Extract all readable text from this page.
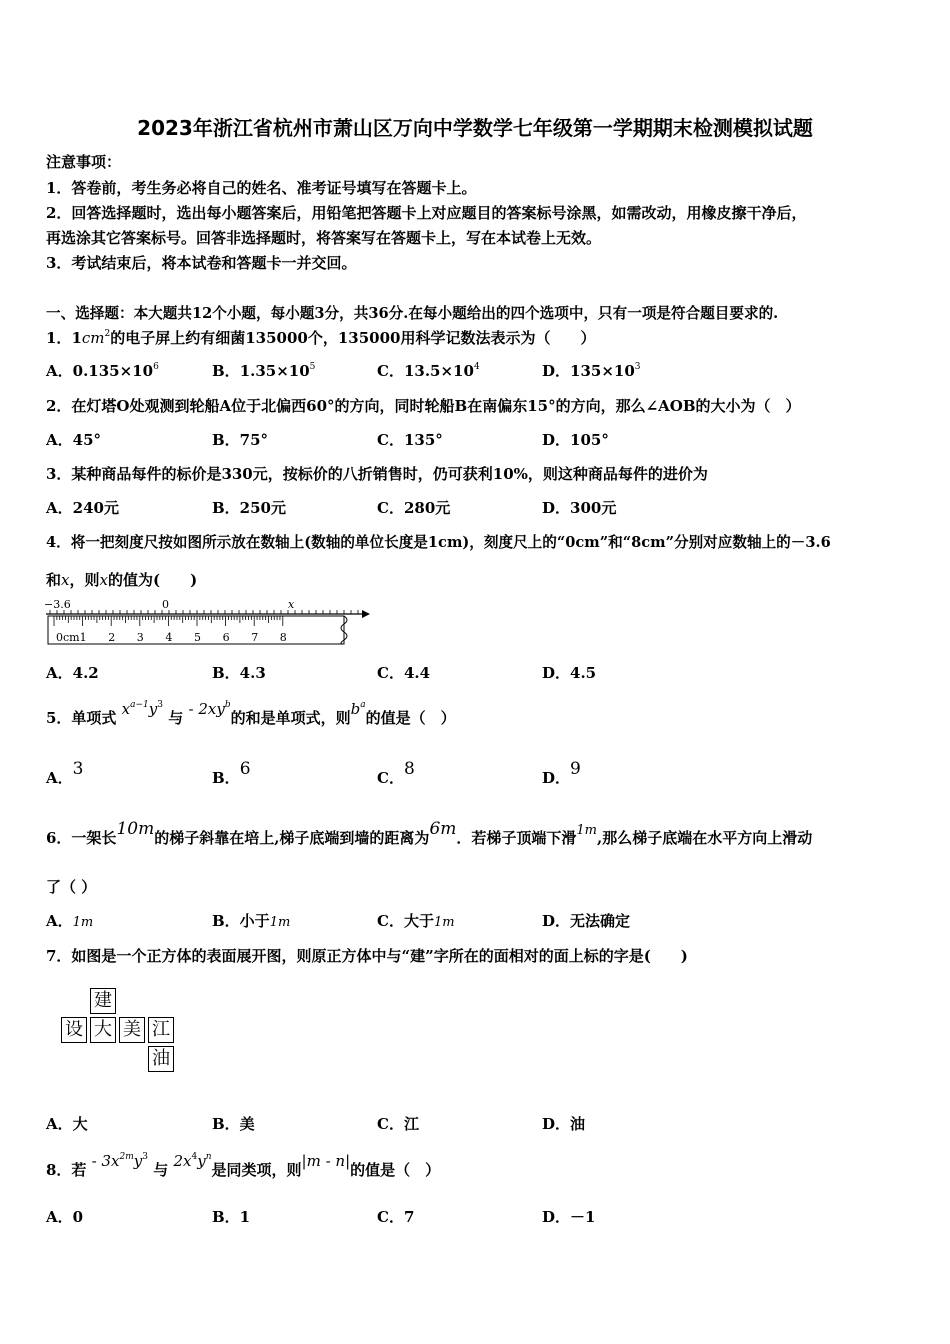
2023年浙江省杭州市萧山区万向中学数学七年级第一学期期末检测模拟试题
注意事项：
1．答卷前，考生务必将自己的姓名、准考证号填写在答题卡上。
2．回答选择题时，选出每小题答案后，用铅笔把答题卡上对应题目的答案标号涂黑，如需改动，用橡皮擦干净后，
再选涂其它答案标号。回答非选择题时，将答案写在答题卡上，写在本试卷上无效。
3．考试结束后，将本试卷和答题卡一并交回。
一、选择题：本大题共12个小题，每小题3分，共36分.在每小题给出的四个选项中，只有一项是符合题目要求的.
1．$1cm^2$的电子屏上约有细菌135000个，135000用科学记数法表示为（　　）
A．$0.135\times 10^6$	B．$1.35\times 10^5$	C．$13.5\times 10^4$	D．$135\times 10^3$
2．在灯塔O处观测到轮船A位于北偏西60°的方向，同时轮船B在南偏东15°的方向，那么∠AOB的大小为（　）
A．45°	B．75°	C．135°	D．105°
3．某种商品每件的标价是330元，按标价的八折销售时，仍可获利10%，则这种商品每件的进价为
A．240元	B．250元	C．280元	D．300元
4．将一把刻度尺按如图所示放在数轴上(数轴的单位长度是1cm)，刻度尺上的“0cm”和“8cm”分别对应数轴上的－3.6
和x，则x的值为(　　)
−3.6	0	x
0cm 1 2 3 4 5 6 7 8
A．4.2	B．4.3	C．4.4	D．4.5
5．单项式 $x^{a-1}y^3$ 与 - $2xy^b$的和是单项式，则$b^a$的值是（　）
A．3	B．6	C．8	D．9
6．一架长10m的梯子斜靠在培上,梯子底端到墙的距离为6m．若梯子顶端下滑1m,那么梯子底端在水平方向上滑动
了（ ）
A．1m	B．小于1m	C．大于1m	D．无法确定
7．如图是一个正方体的表面展开图，则原正方体中与“建”字所在的面相对的面上标的字是(　　)
建
设 大 美 江
油
A．大	B．美	C．江	D．油
8．若 - $3x^{2m}y^3$ 与 $2x^4y^n$是同类项，则|m - n|的值是（　）
A．0	B．1	C．7	D．－1
